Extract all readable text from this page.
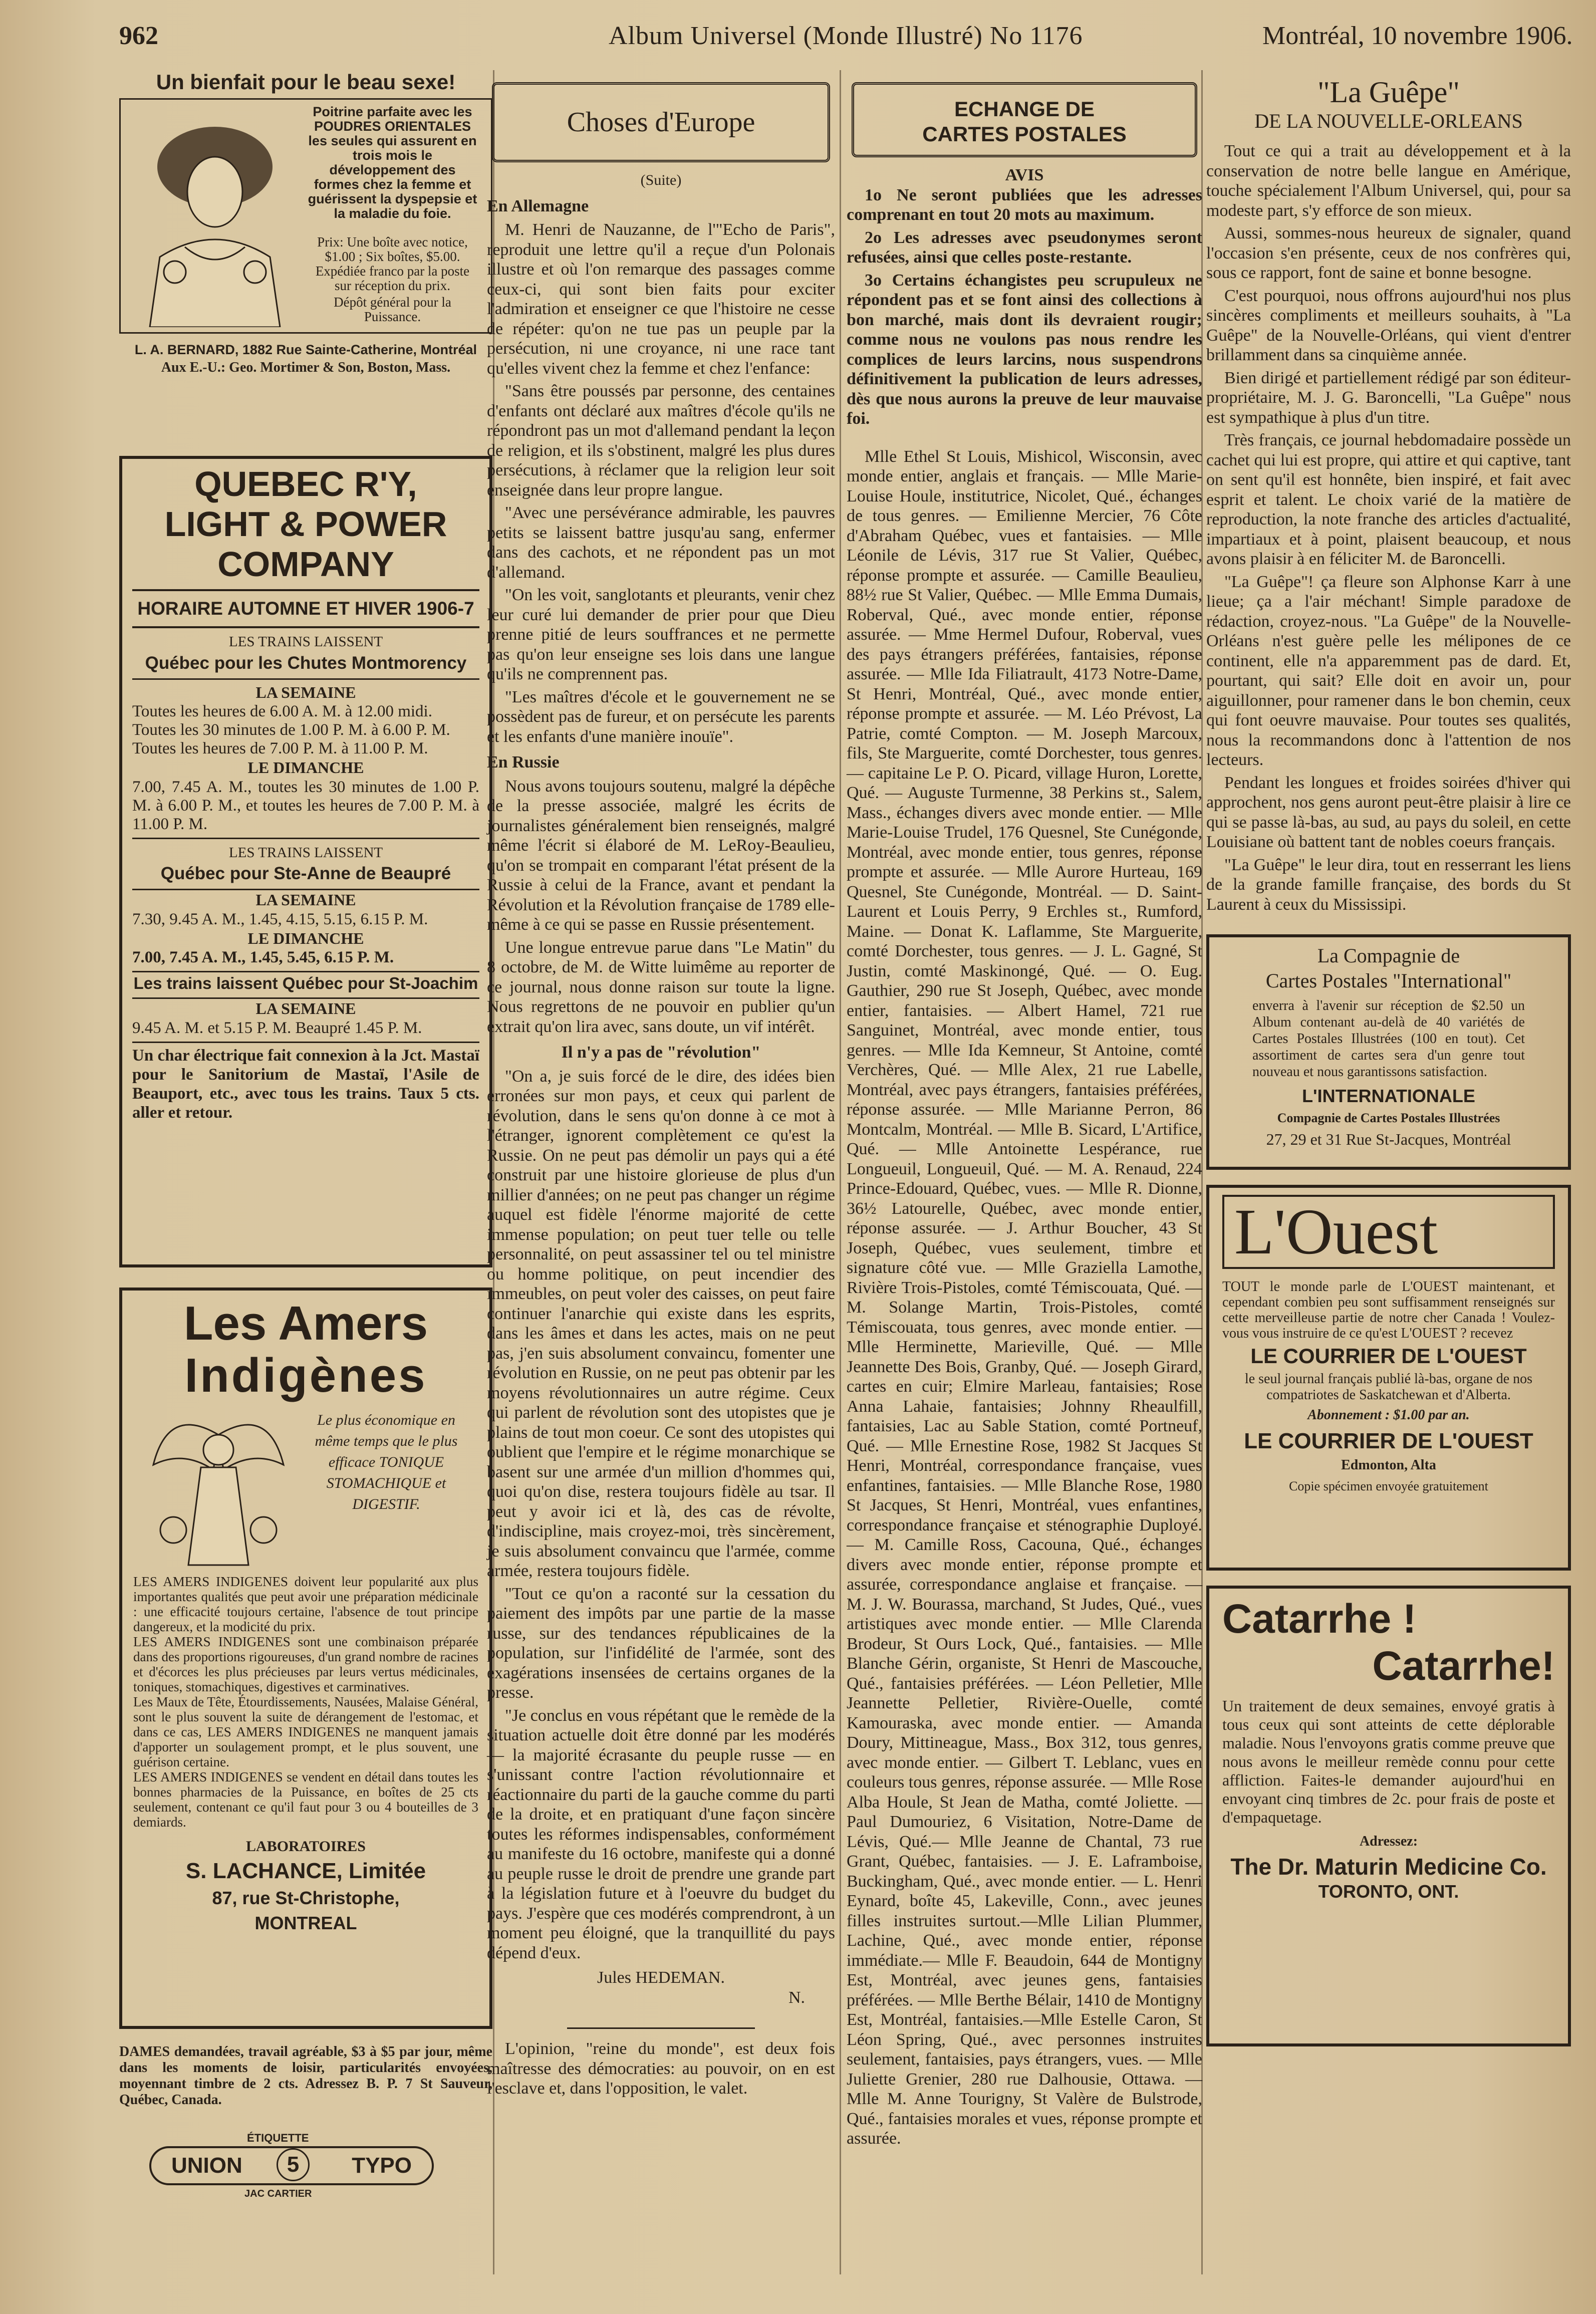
962	Album Universel (Monde Illustré) No 1176	Montréal, 10 novembre 1906.
Un bienfait pour le beau sexe!
Poitrine parfaite avec les POUDRES ORIENTALES les seules qui assurent en trois mois le développement des formes chez la femme et guérissent la dyspepsie et la maladie du foie.
Prix: Une boîte avec notice, $1.00 ; Six boîtes, $5.00. Expédiée franco par la poste sur réception du prix.
Dépôt général pour la Puissance.
L. A. BERNARD, 1882 Rue Sainte-Catherine, Montréal
Aux E.-U.: Geo. Mortimer & Son, Boston, Mass.
QUEBEC R'Y,
LIGHT & POWER
COMPANY
HORAIRE AUTOMNE ET HIVER 1906-7
LES TRAINS LAISSENT
Québec pour les Chutes Montmorency
LA SEMAINE
Toutes les heures de 6.00 A. M. à 12.00 midi.
Toutes les 30 minutes de 1.00 P. M. à 6.00 P. M.
Toutes les heures de 7.00 P. M. à 11.00 P. M.
LE DIMANCHE
7.00, 7.45 A. M., toutes les 30 minutes de 1.00 P. M. à 6.00 P. M., et toutes les heures de 7.00 P. M. à 11.00 P. M.
LES TRAINS LAISSENT
Québec pour Ste-Anne de Beaupré
LA SEMAINE
7.30, 9.45 A. M., 1.45, 4.15, 5.15, 6.15 P. M.
LE DIMANCHE
7.00, 7.45 A. M., 1.45, 5.45, 6.15 P. M.
Les trains laissent Québec pour St-Joachim
LA SEMAINE
9.45 A. M. et 5.15 P. M. Beaupré 1.45 P. M.
Un char électrique fait connexion à la Jct. Mastaï pour le Sanitorium de Mastaï, l'Asile de Beauport, etc., avec tous les trains. Taux 5 cts. aller et retour.
Les Amers
Indigènes
Le plus économique en même temps que le plus efficace TONIQUE STOMACHIQUE et DIGESTIF.
LES AMERS INDIGENES doivent leur popularité aux plus importantes qualités que peut avoir une préparation médicinale : une efficacité toujours certaine, l'absence de tout principe dangereux, et la modicité du prix.
LES AMERS INDIGENES sont une combinaison préparée dans des proportions rigoureuses, d'un grand nombre de racines et d'écorces les plus précieuses par leurs vertus médicinales, toniques, stomachiques, digestives et carminatives.
Les Maux de Tête, Étourdissements, Nausées, Malaise Général, sont le plus souvent la suite de dérangement de l'estomac, et dans ce cas, LES AMERS INDIGENES ne manquent jamais d'apporter un soulagement prompt, et le plus souvent, une guérison certaine.
LES AMERS INDIGENES se vendent en détail dans toutes les bonnes pharmacies de la Puissance, en boîtes de 25 cts seulement, contenant ce qu'il faut pour 3 ou 4 bouteilles de 3 demiards.
LABORATOIRES
S. LACHANCE, Limitée
87, rue St-Christophe,
MONTREAL
DAMES demandées, travail agréable, $3 à $5 par jour, même dans les moments de loisir, particularités envoyées, moyennant timbre de 2 cts. Adressez B. P. 7 St Sauveur, Québec, Canada.
ÉTIQUETTE
UNION	5	TYPO
JAC CARTIER
Choses d'Europe
(Suite)
En Allemagne

M. Henri de Nauzanne, de l'"Echo de Paris", reproduit une lettre qu'il a reçue d'un Polonais illustre et où l'on remarque des passages comme ceux-ci, qui sont bien faits pour exciter l'admiration et enseigner ce que l'histoire ne cesse de répéter: qu'on ne tue pas un peuple par la persécution, ni une croyance, ni une race tant qu'elles vivent chez la femme et chez l'enfance:

"Sans être poussés par personne, des centaines d'enfants ont déclaré aux maîtres d'école qu'ils ne répondront pas un mot d'allemand pendant la leçon de religion, et ils s'obstinent, malgré les plus dures persécutions, à réclamer que la religion leur soit enseignée dans leur propre langue.

"Avec une persévérance admirable, les pauvres petits se laissent battre jusqu'au sang, enfermer dans des cachots, et ne répondent pas un mot d'allemand.

"On les voit, sanglotants et pleurants, venir chez leur curé lui demander de prier pour que Dieu prenne pitié de leurs souffrances et ne permette pas qu'on leur enseigne ses lois dans une langue qu'ils ne comprennent pas.

"Les maîtres d'école et le gouvernement ne se possèdent pas de fureur, et on persécute les parents et les enfants d'une manière inouïe".

En Russie

Nous avons toujours soutenu, malgré la dépêche de la presse associée, malgré les écrits de journalistes généralement bien renseignés, malgré même l'écrit si élaboré de M. LeRoy-Beaulieu, qu'on se trompait en comparant l'état présent de la Russie à celui de la France, avant et pendant la Révolution et la Révolution française de 1789 elle-même à ce qui se passe en Russie présentement.

Une longue entrevue parue dans "Le Matin" du 8 octobre, de M. de Witte luimême au reporter de ce journal, nous donne raison sur toute la ligne. Nous regrettons de ne pouvoir en publier qu'un extrait qu'on lira avec, sans doute, un vif intérêt.

Il n'y a pas de "révolution"

"On a, je suis forcé de le dire, des idées bien erronées sur mon pays, et ceux qui parlent de révolution, dans le sens qu'on donne à ce mot à l'étranger, ignorent complètement ce qu'est la Russie. On ne peut pas démolir un pays qui a été construit par une histoire glorieuse de plus d'un millier d'années; on ne peut pas changer un régime auquel est fidèle l'énorme majorité de cette immense population; on peut tuer telle ou telle personnalité, on peut assassiner tel ou tel ministre ou homme politique, on peut incendier des immeubles, on peut voler des caisses, on peut faire continuer l'anarchie qui existe dans les esprits, dans les âmes et dans les actes, mais on ne peut pas, j'en suis absolument convaincu, fomenter une révolution en Russie, on ne peut pas obtenir par les moyens révolutionnaires un autre régime. Ceux qui parlent de révolution sont des utopistes que je plains de tout mon coeur. Ce sont des utopistes qui oublient que l'empire et le régime monarchique se basent sur une armée d'un million d'hommes qui, quoi qu'on dise, restera toujours fidèle au tsar. Il peut y avoir ici et là, des cas de révolte, d'indiscipline, mais croyez-moi, très sincèrement, je suis absolument convaincu que l'armée, comme armée, restera toujours fidèle.

"Tout ce qu'on a raconté sur la cessation du paiement des impôts par une partie de la masse russe, sur des tendances républicaines de la population, sur l'infidélité de l'armée, sont des exagérations insensées de certains organes de la presse.

"Je conclus en vous répétant que le remède de la situation actuelle doit être donné par les modérés — la majorité écrasante du peuple russe — en s'unissant contre l'action révolutionnaire et réactionnaire du parti de la gauche comme du parti de la droite, et en pratiquant d'une façon sincère toutes les réformes indispensables, conformément au manifeste du 16 octobre, manifeste qui a donné au peuple russe le droit de prendre une grande part à la législation future et à l'oeuvre du budget du pays. J'espère que ces modérés comprendront, à un moment peu éloigné, que la tranquillité du pays dépend d'eux.

Jules HEDEMAN.
N.

L'opinion, "reine du monde", est deux fois maîtresse des démocraties: au pouvoir, on en est l'esclave et, dans l'opposition, le valet.

ECHANGE DE
CARTES POSTALES
AVIS

1o Ne seront publiées que les adresses comprenant en tout 20 mots au maximum.

2o Les adresses avec pseudonymes seront refusées, ainsi que celles poste-restante.

3o Certains échangistes peu scrupuleux ne répondent pas et se font ainsi des collections à bon marché, mais dont ils devraient rougir; comme nous ne voulons pas nous rendre les complices de leurs larcins, nous suspendrons définitivement la publication de leurs adresses, dès que nous aurons la preuve de leur mauvaise foi.

Mlle Ethel St Louis, Mishicol, Wisconsin, avec monde entier, anglais et français. — Mlle Marie-Louise Houle, institutrice, Nicolet, Qué., échanges de tous genres. — Emilienne Mercier, 76 Côte d'Abraham Québec, vues et fantaisies. — Mlle Léonile de Lévis, 317 rue St Valier, Québec, réponse prompte et assurée. — Camille Beaulieu, 88½ rue St Valier, Québec. — Mlle Emma Dumais, Roberval, Qué., avec monde entier, réponse assurée. — Mme Hermel Dufour, Roberval, vues des pays étrangers préférées, fantaisies, réponse assurée. — Mlle Ida Filiatrault, 4173 Notre-Dame, St Henri, Montréal, Qué., avec monde entier, réponse prompte et assurée. — M. Léo Prévost, La Patrie, comté Compton. — M. Joseph Marcoux, fils, Ste Marguerite, comté Dorchester, tous genres. — capitaine Le P. O. Picard, village Huron, Lorette, Qué. — Auguste Turmenne, 38 Perkins st., Salem, Mass., échanges divers avec monde entier. — Mlle Marie-Louise Trudel, 176 Quesnel, Ste Cunégonde, Montréal, avec monde entier, tous genres, réponse prompte et assurée. — Mlle Aurore Hurteau, 169 Quesnel, Ste Cunégonde, Montréal. — D. Saint-Laurent et Louis Perry, 9 Erchles st., Rumford, Maine. — Donat K. Laflamme, Ste Marguerite, comté Dorchester, tous genres. — J. L. Gagné, St Justin, comté Maskinongé, Qué. — O. Eug. Gauthier, 290 rue St Joseph, Québec, avec monde entier, fantaisies. — Albert Hamel, 721 rue Sanguinet, Montréal, avec monde entier, tous genres. — Mlle Ida Kemneur, St Antoine, comté Verchères, Qué. — Mlle Alex, 21 rue Labelle, Montréal, avec pays étrangers, fantaisies préférées, réponse assurée. — Mlle Marianne Perron, 86 Montcalm, Montréal. — Mlle B. Sicard, L'Artifice, Qué. — Mlle Antoinette Lespérance, rue Longueuil, Longueuil, Qué. — M. A. Renaud, 224 Prince-Edouard, Québec, vues. — Mlle R. Dionne, 36½ Latourelle, Québec, avec monde entier, réponse assurée. — J. Arthur Boucher, 43 St Joseph, Québec, vues seulement, timbre et signature côté vue. — Mlle Graziella Lamothe, Rivière Trois-Pistoles, comté Témiscouata, Qué. — M. Solange Martin, Trois-Pistoles, comté Témiscouata, tous genres, avec monde entier. — Mlle Herminette, Marieville, Qué. — Mlle Jeannette Des Bois, Granby, Qué. — Joseph Girard, cartes en cuir; Elmire Marleau, fantaisies; Rose Anna Lahaie, fantaisies; Johnny Rheaulfill, fantaisies, Lac au Sable Station, comté Portneuf, Qué. — Mlle Ernestine Rose, 1982 St Jacques St Henri, Montréal, correspondance française, vues enfantines, fantaisies. — Mlle Blanche Rose, 1980 St Jacques, St Henri, Montréal, vues enfantines, correspondance française et sténographie Duployé. — M. Camille Ross, Cacouna, Qué., échanges divers avec monde entier, réponse prompte et assurée, correspondance anglaise et française. — M. J. W. Bourassa, marchand, St Judes, Qué., vues artistiques avec monde entier. — Mlle Clarenda Brodeur, St Ours Lock, Qué., fantaisies. — Mlle Blanche Gérin, organiste, St Henri de Mascouche, Qué., fantaisies préférées. — Léon Pelletier, Mlle Jeannette Pelletier, Rivière-Ouelle, comté Kamouraska, avec monde entier. — Amanda Doury, Mittineague, Mass., Box 312, tous genres, avec monde entier. — Gilbert T. Leblanc, vues en couleurs tous genres, réponse assurée. — Mlle Rose Alba Houle, St Jean de Matha, comté Joliette. — Paul Dumouriez, 6 Visitation, Notre-Dame de Lévis, Qué.— Mlle Jeanne de Chantal, 73 rue Grant, Québec, fantaisies. — J. E. Laframboise, Buckingham, Qué., avec monde entier. — L. Henri Eynard, boîte 45, Lakeville, Conn., avec jeunes filles instruites surtout.—Mlle Lilian Plummer, Lachine, Qué., avec monde entier, réponse immédiate.— Mlle F. Beaudoin, 644 de Montigny Est, Montréal, avec jeunes gens, fantaisies préférées. — Mlle Berthe Bélair, 1410 de Montigny Est, Montréal, fantaisies.—Mlle Estelle Caron, St Léon Spring, Qué., avec personnes instruites seulement, fantaisies, pays étrangers, vues. — Mlle Juliette Grenier, 280 rue Dalhousie, Ottawa. — Mlle M. Anne Tourigny, St Valère de Bulstrode, Qué., fantaisies morales et vues, réponse prompte et assurée.

"La Guêpe"
DE LA NOUVELLE-ORLEANS

Tout ce qui a trait au développement et à la conservation de notre belle langue en Amérique, touche spécialement l'Album Universel, qui, pour sa modeste part, s'y efforce de son mieux.

Aussi, sommes-nous heureux de signaler, quand l'occasion s'en présente, ceux de nos confrères qui, sous ce rapport, font de saine et bonne besogne.

C'est pourquoi, nous offrons aujourd'hui nos plus sincères compliments et meilleurs souhaits, à "La Guêpe" de la Nouvelle-Orléans, qui vient d'entrer brillamment dans sa cinquième année.

Bien dirigé et partiellement rédigé par son éditeur-propriétaire, M. J. G. Baroncelli, "La Guêpe" nous est sympathique à plus d'un titre.

Très français, ce journal hebdomadaire possède un cachet qui lui est propre, qui attire et qui captive, tant on sent qu'il est honnête, bien inspiré, et fait avec esprit et talent. Le choix varié de la matière de reproduction, la note franche des articles d'actualité, impartiaux et à point, plaisent beaucoup, et nous avons plaisir à en féliciter M. de Baroncelli.

"La Guêpe"! ça fleure son Alphonse Karr à une lieue; ça a l'air méchant! Simple paradoxe de rédaction, croyez-nous. "La Guêpe" de la Nouvelle-Orléans n'est guère pelle les mélipones de ce continent, elle n'a apparemment pas de dard. Et, pourtant, qui sait? Elle doit en avoir un, pour aiguillonner, pour ramener dans le bon chemin, ceux qui font oeuvre mauvaise. Pour toutes ses qualités, nous la recommandons donc à l'attention de nos lecteurs.

Pendant les longues et froides soirées d'hiver qui approchent, nos gens auront peut-être plaisir à lire ce qui se passe là-bas, au sud, au pays du soleil, en cette Louisiane où battent tant de nobles coeurs français.

"La Guêpe" le leur dira, tout en resserrant les liens de la grande famille française, des bords du St Laurent à ceux du Mississipi.

La Compagnie de
Cartes Postales "International"
enverra à l'avenir sur réception de $2.50 un Album contenant au-delà de 40 variétés de Cartes Postales Illustrées (100 en tout). Cet assortiment de cartes sera d'un genre tout nouveau et nous garantissons satisfaction.
L'INTERNATIONALE
Compagnie de Cartes Postales Illustrées
27, 29 et 31 Rue St-Jacques, Montréal
L'Ouest
TOUT le monde parle de L'OUEST maintenant, et cependant combien peu sont suffisamment renseignés sur cette merveilleuse partie de notre cher Canada ! Voulez-vous vous instruire de ce qu'est L'OUEST ? recevez
LE COURRIER DE L'OUEST
le seul journal français publié là-bas, organe de nos compatriotes de Saskatchewan et d'Alberta.
Abonnement : $1.00 par an.
LE COURRIER DE L'OUEST
Edmonton, Alta
Copie spécimen envoyée gratuitement
Catarrhe !
Catarrhe!
Un traitement de deux semaines, envoyé gratis à tous ceux qui sont atteints de cette déplorable maladie. Nous l'envoyons gratis comme preuve que nous avons le meilleur remède connu pour cette affliction. Faites-le demander aujourd'hui en envoyant cinq timbres de 2c. pour frais de poste et d'empaquetage.
Adressez:
The Dr. Maturin Medicine Co.
TORONTO, ONT.
